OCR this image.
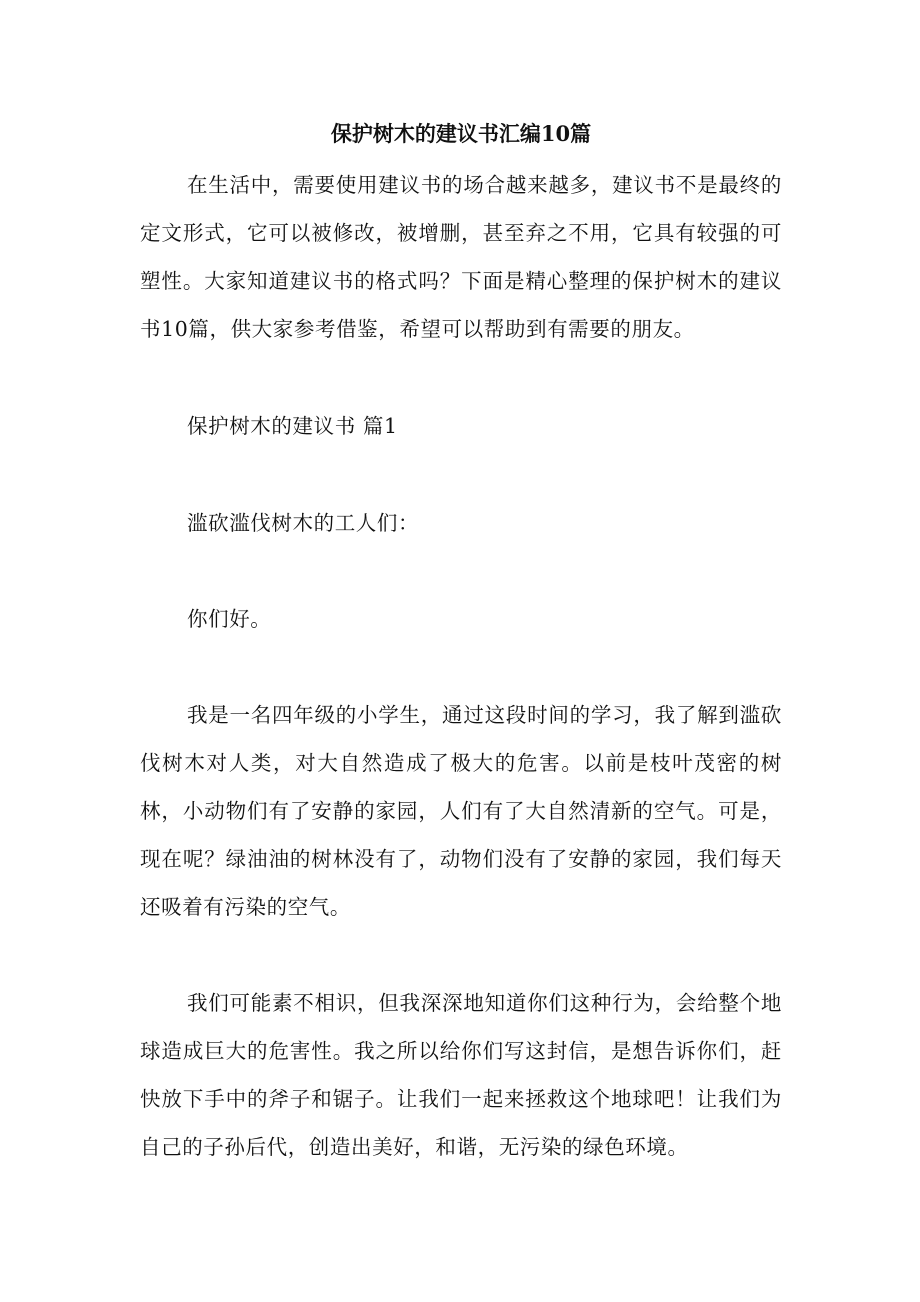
保护树木的建议书汇编10篇

在生活中，需要使用建议书的场合越来越多，建议书不是最终的定文形式，它可以被修改，被增删，甚至弃之不用，它具有较强的可塑性。大家知道建议书的格式吗？下面是精心整理的保护树木的建议书10篇，供大家参考借鉴，希望可以帮助到有需要的朋友。

保护树木的建议书 篇1

滥砍滥伐树木的工人们：

你们好。

我是一名四年级的小学生，通过这段时间的学习，我了解到滥砍伐树木对人类，对大自然造成了极大的危害。以前是枝叶茂密的树林，小动物们有了安静的家园，人们有了大自然清新的空气。可是，现在呢？绿油油的树林没有了，动物们没有了安静的家园，我们每天还吸着有污染的空气。

我们可能素不相识，但我深深地知道你们这种行为，会给整个地球造成巨大的危害性。我之所以给你们写这封信，是想告诉你们，赶快放下手中的斧子和锯子。让我们一起来拯救这个地球吧！让我们为自己的子孙后代，创造出美好，和谐，无污染的绿色环境。
